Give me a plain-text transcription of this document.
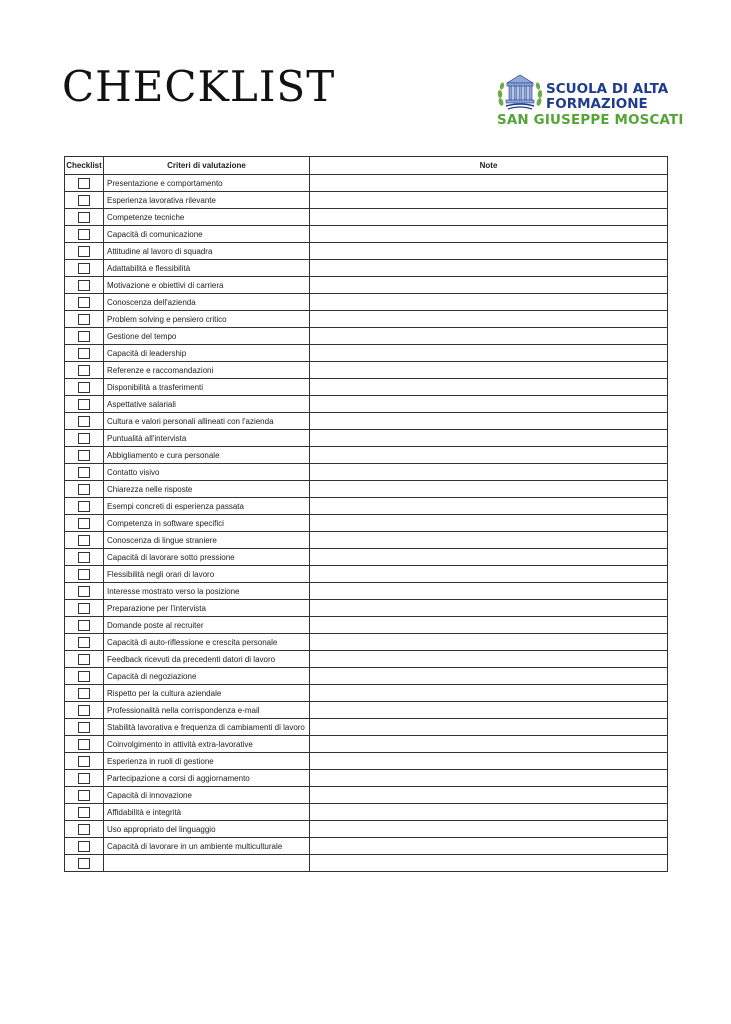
CHECKLIST	SCUOLA DI ALTA
FORMAZIONE
SAN GIUSEPPE MOSCATI
Checklist	Criteri di valutazione	Note
	Presentazione e comportamento	
	Esperienza lavorativa rilevante	
	Competenze tecniche	
	Capacità di comunicazione	
	Attitudine al lavoro di squadra	
	Adattabilità e flessibilità	
	Motivazione e obiettivi di carriera	
	Conoscenza dell'azienda	
	Problem solving e pensiero critico	
	Gestione del tempo	
	Capacità di leadership	
	Referenze e raccomandazioni	
	Disponibilità a trasferimenti	
	Aspettative salariali	
	Cultura e valori personali allineati con l'azienda	
	Puntualità all'intervista	
	Abbigliamento e cura personale	
	Contatto visivo	
	Chiarezza nelle risposte	
	Esempi concreti di esperienza passata	
	Competenza in software specifici	
	Conoscenza di lingue straniere	
	Capacità di lavorare sotto pressione	
	Flessibilità negli orari di lavoro	
	Interesse mostrato verso la posizione	
	Preparazione per l'intervista	
	Domande poste al recruiter	
	Capacità di auto-riflessione e crescita personale	
	Feedback ricevuti da precedenti datori di lavoro	
	Capacità di negoziazione	
	Rispetto per la cultura aziendale	
	Professionalità nella corrispondenza e-mail	
	Stabilità lavorativa e frequenza di cambiamenti di lavoro	
	Coinvolgimento in attività extra-lavorative	
	Esperienza in ruoli di gestione	
	Partecipazione a corsi di aggiornamento	
	Capacità di innovazione	
	Affidabilità e integrità	
	Uso appropriato del linguaggio	
	Capacità di lavorare in un ambiente multiculturale	
